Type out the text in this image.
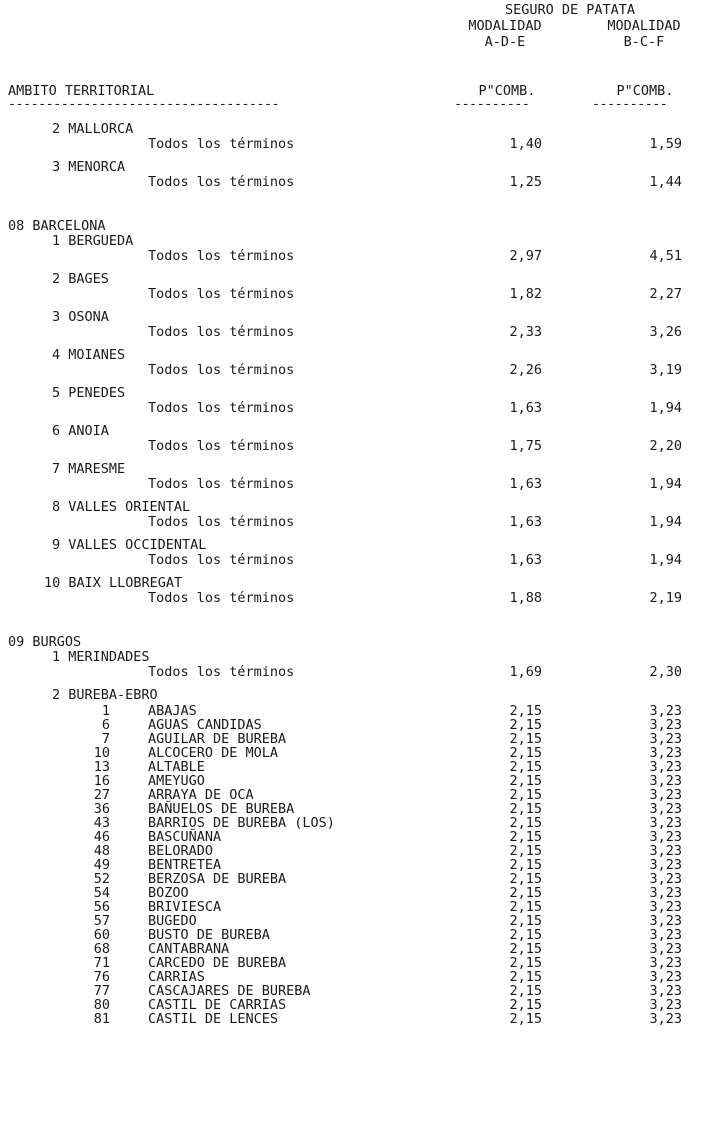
SEGURO DE PATATA
MODALIDAD
A-D-E
MODALIDAD
B-C-F
AMBITO TERRITORIAL	P"COMB.	P"COMB.
------------------------------------	----------	----------
2 MALLORCA
Todos los términos	1,40	1,59
3 MENORCA
Todos los términos	1,25	1,44
08 BARCELONA
1 BERGUEDA
Todos los términos	2,97	4,51
2 BAGES
Todos los términos	1,82	2,27
3 OSONA
Todos los términos	2,33	3,26
4 MOIANES
Todos los términos	2,26	3,19
5 PENEDES
Todos los términos	1,63	1,94
6 ANOIA
Todos los términos	1,75	2,20
7 MARESME
Todos los términos	1,63	1,94
8 VALLES ORIENTAL
Todos los términos	1,63	1,94
9 VALLES OCCIDENTAL
Todos los términos	1,63	1,94
10 BAIX LLOBREGAT
Todos los términos	1,88	2,19
09 BURGOS
1 MERINDADES
Todos los términos	1,69	2,30
2 BUREBA-EBRO
1	ABAJAS	2,15	3,23
6	AGUAS CANDIDAS	2,15	3,23
7	AGUILAR DE BUREBA	2,15	3,23
10	ALCOCERO DE MOLA	2,15	3,23
13	ALTABLE	2,15	3,23
16	AMEYUGO	2,15	3,23
27	ARRAYA DE OCA	2,15	3,23
36	BAÑUELOS DE BUREBA	2,15	3,23
43	BARRIOS DE BUREBA (LOS)	2,15	3,23
46	BASCUÑANA	2,15	3,23
48	BELORADO	2,15	3,23
49	BENTRETEA	2,15	3,23
52	BERZOSA DE BUREBA	2,15	3,23
54	BOZOO	2,15	3,23
56	BRIVIESCA	2,15	3,23
57	BUGEDO	2,15	3,23
60	BUSTO DE BUREBA	2,15	3,23
68	CANTABRANA	2,15	3,23
71	CARCEDO DE BUREBA	2,15	3,23
76	CARRIAS	2,15	3,23
77	CASCAJARES DE BUREBA	2,15	3,23
80	CASTIL DE CARRIAS	2,15	3,23
81	CASTIL DE LENCES	2,15	3,23
